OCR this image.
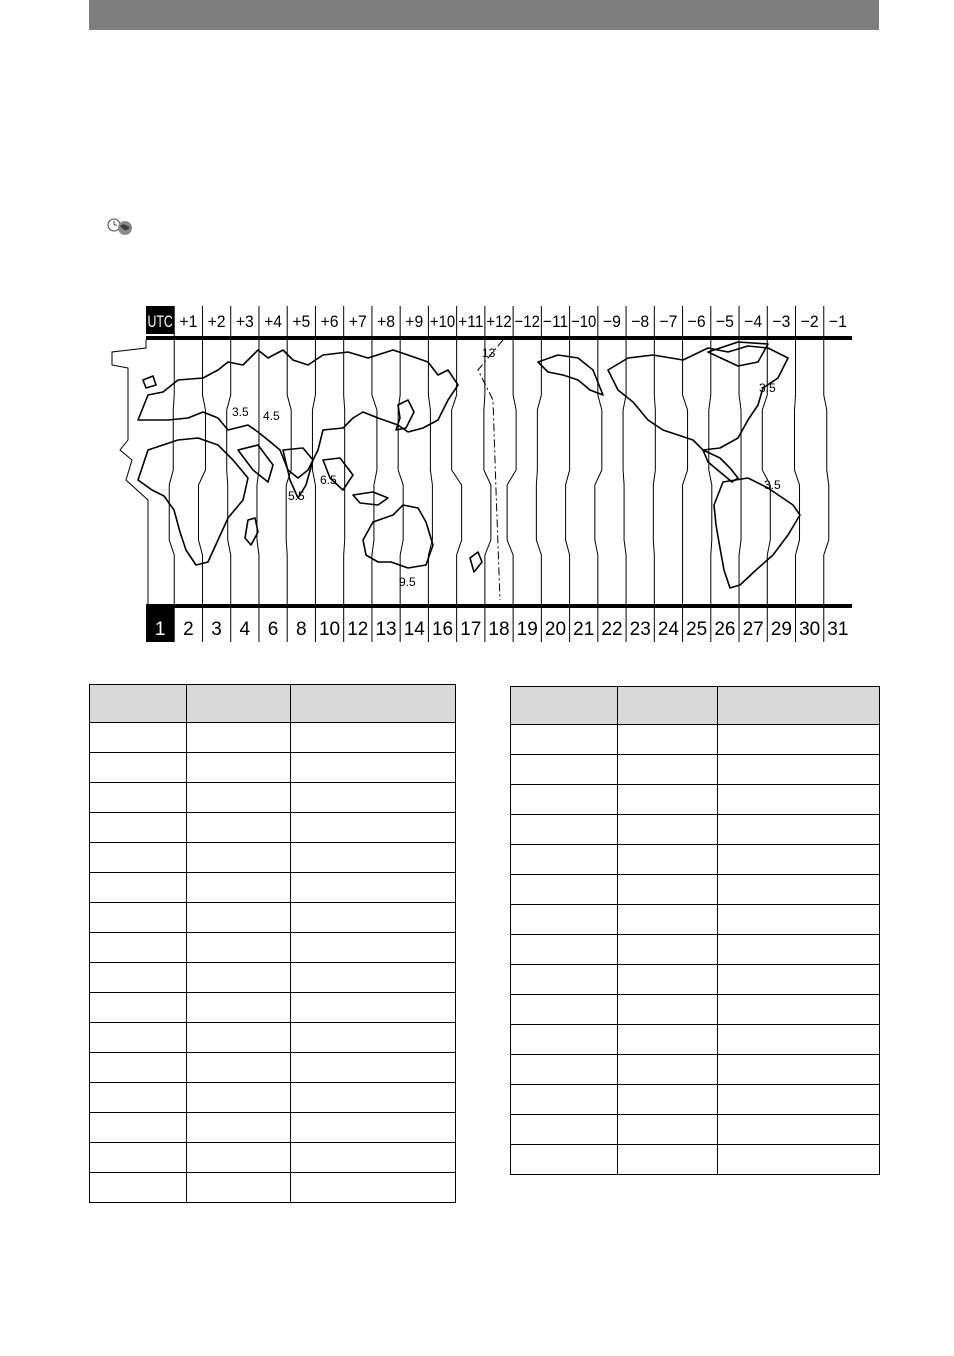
UTC +1 +2 +3 +4 +5 +6 +7 +8 +9 +10 +11 +12 −12 −11 −10 −9 −8 −7 −6 −5 −4 −3 −2 −1
1 2 3 4 6 8 10 12 13 14 16 17 18 19 20 21 22 23 24 25 26 27 29 30 31
3.5 4.5
5.5
6.5
9.5
13
3.5
3.5
